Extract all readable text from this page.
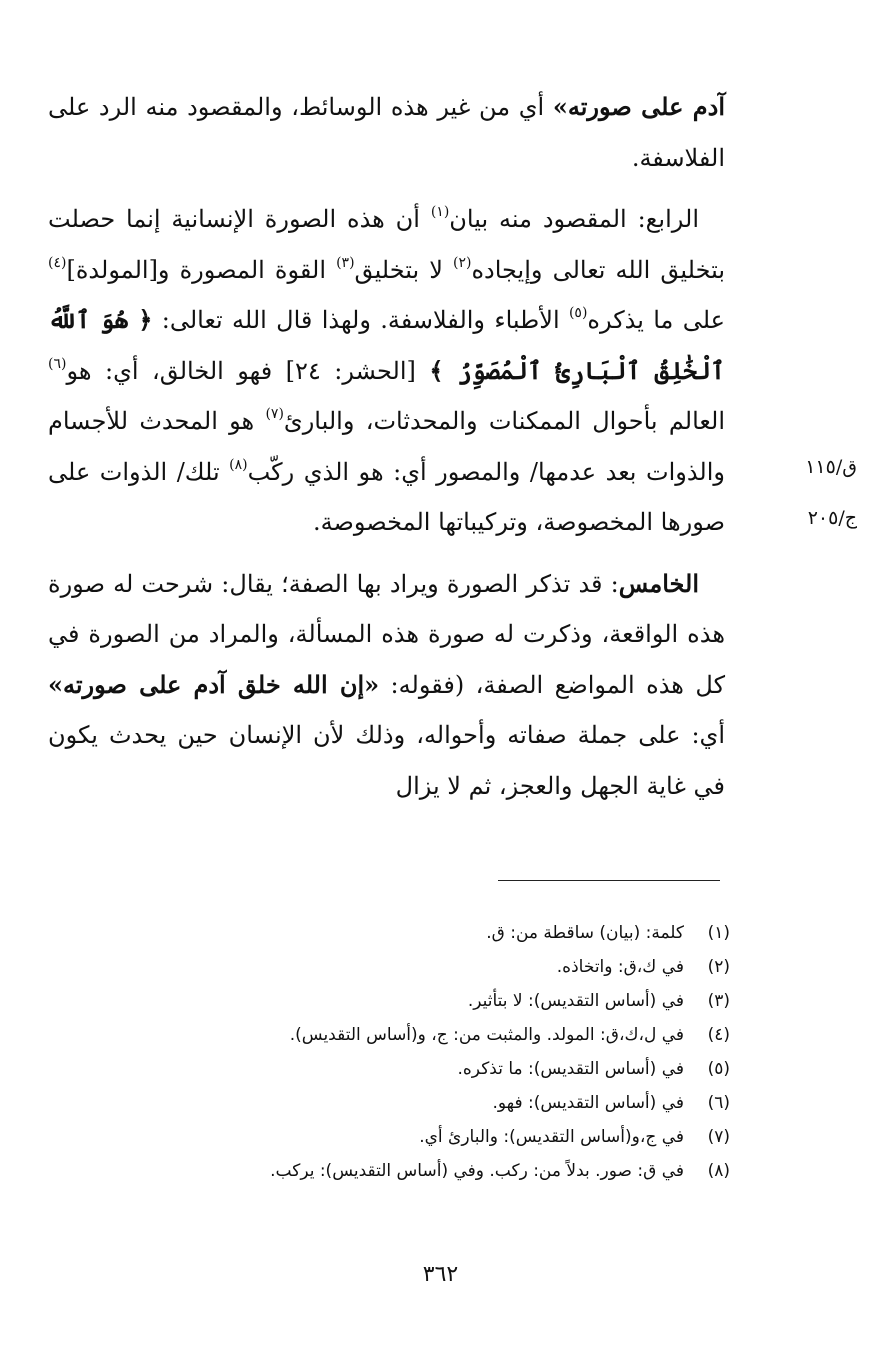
آدم على صورته» أي من غير هذه الوسائط، والمقصود منه الرد على الفلاسفة.

الرابع: المقصود منه بيان$^{(١)}$ أن هذه الصورة الإنسانية إنما حصلت بتخليق الله تعالى وإيجاده$^{(٢)}$ لا بتخليق$^{(٣)}$ القوة المصورة و[المولدة]$^{(٤)}$ على ما يذكره$^{(٥)}$ الأطباء والفلاسفة. ولهذا قال الله تعالى: ﴿ هُوَ ٱللَّهُ ٱلْخَٰلِقُ ٱلْبَارِئُ ٱلْمُصَوِّرُ ﴾ [الحشر: ٢٤] فهو الخالق، أي: هو$^{(٦)}$ العالم بأحوال الممكنات والمحدثات، والبارئ$^{(٧)}$ هو المحدث للأجسام والذوات بعد عدمها/ والمصور أي: هو الذي ركّب$^{(٨)}$ تلك/ الذوات على صورها المخصوصة، وتركيباتها المخصوصة.

الخامس: قد تذكر الصورة ويراد بها الصفة؛ يقال: شرحت له صورة هذه الواقعة، وذكرت له صورة هذه المسألة، والمراد من الصورة في كل هذه المواضع الصفة، (فقوله: «إن الله خلق آدم على صورته» أي: على جملة صفاته وأحواله، وذلك لأن الإنسان حين يحدث يكون في غاية الجهل والعجز، ثم لا يزال

ق/١١٥
ج/٢٠٥
(١)كلمة: (بيان) ساقطة من: ق.
(٢)في ك،ق: واتخاذه.
(٣)في (أساس التقديس): لا بتأثير.
(٤)في ل،ك،ق: المولد. والمثبت من: ج، و(أساس التقديس).
(٥)في (أساس التقديس): ما تذكره.
(٦)في (أساس التقديس): فهو.
(٧)في ج،و(أساس التقديس): والبارئ أي.
(٨)في ق: صور. بدلاً من: ركب. وفي (أساس التقديس): يركب.
٣٦٢
